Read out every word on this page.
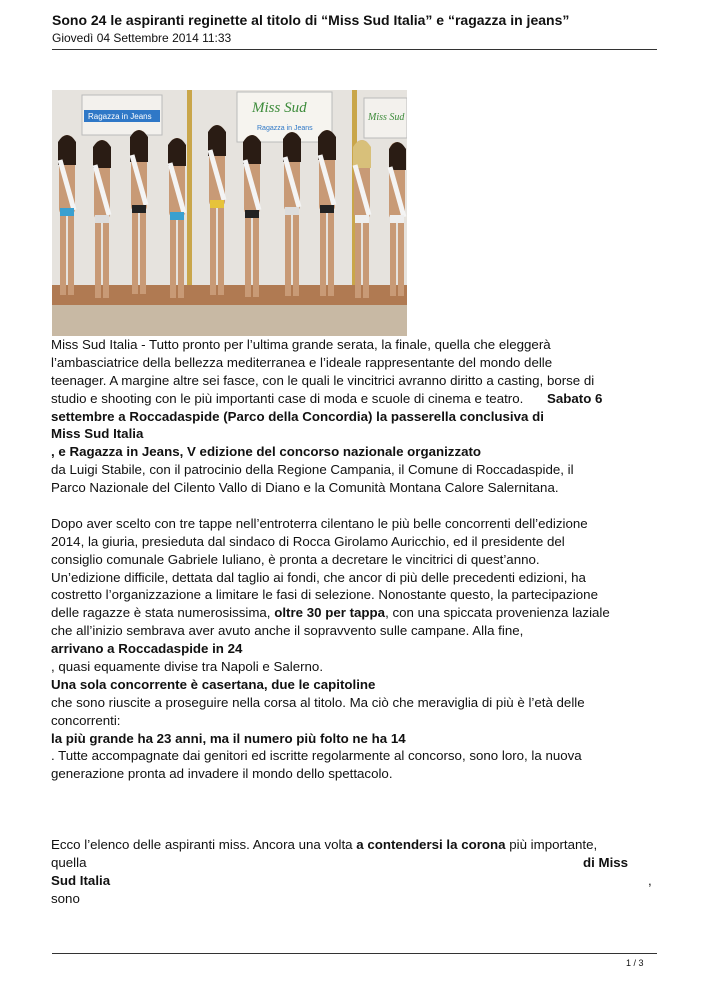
Sono 24 le aspiranti reginette al titolo di “Miss Sud Italia” e “ragazza in jeans”
Giovedì 04 Settembre 2014 11:33
Ragazza in Jeans
Miss Sud
Ragazza in Jeans
Miss Sud
Miss Sud Italia - Tutto pronto per l’ultima grande serata, la finale, quella che eleggerà
l’ambasciatrice della bellezza mediterranea e l’ideale rappresentante del mondo delle
teenager. A margine altre sei fasce, con le quali le vincitrici avranno diritto a casting, borse di
studio e shooting con le più importanti case di moda e scuole di cinema e teatro. Sabato 6
settembre a Roccadaspide (Parco della Concordia) la passerella conclusiva di
Miss Sud Italia
, e Ragazza in Jeans, V edizione del concorso nazionale organizzato
da Luigi Stabile, con il patrocinio della Regione Campania, il Comune di Roccadaspide, il
Parco Nazionale del Cilento Vallo di Diano e la Comunità Montana Calore Salernitana.
Dopo aver scelto con tre tappe nell’entroterra cilentano le più belle concorrenti dell’edizione
2014, la giuria, presieduta dal sindaco di Rocca Girolamo Auricchio, ed il presidente del
consiglio comunale Gabriele Iuliano, è pronta a decretare le vincitrici di quest’anno.
Un’edizione difficile, dettata dal taglio ai fondi, che ancor di più delle precedenti edizioni, ha
costretto l’organizzazione a limitare le fasi di selezione. Nonostante questo, la partecipazione
delle ragazze è stata numerosissima, oltre 30 per tappa, con una spiccata provenienza laziale
che all’inizio sembrava aver avuto anche il sopravvento sulle campane. Alla fine,
arrivano a Roccadaspide in 24
, quasi equamente divise tra Napoli e Salerno.
Una sola concorrente è casertana, due le capitoline
che sono riuscite a proseguire nella corsa al titolo. Ma ciò che meraviglia di più è l’età delle
concorrenti:
la più grande ha 23 anni, ma il numero più folto ne ha 14
. Tutte accompagnate dai genitori ed iscritte regolarmente al concorso, sono loro, la nuova
generazione pronta ad invadere il mondo dello spettacolo.
Ecco l’elenco delle aspiranti miss. Ancora una volta a contendersi la corona più importante,
quella	di Miss
Sud Italia	,
sono
1 / 3
